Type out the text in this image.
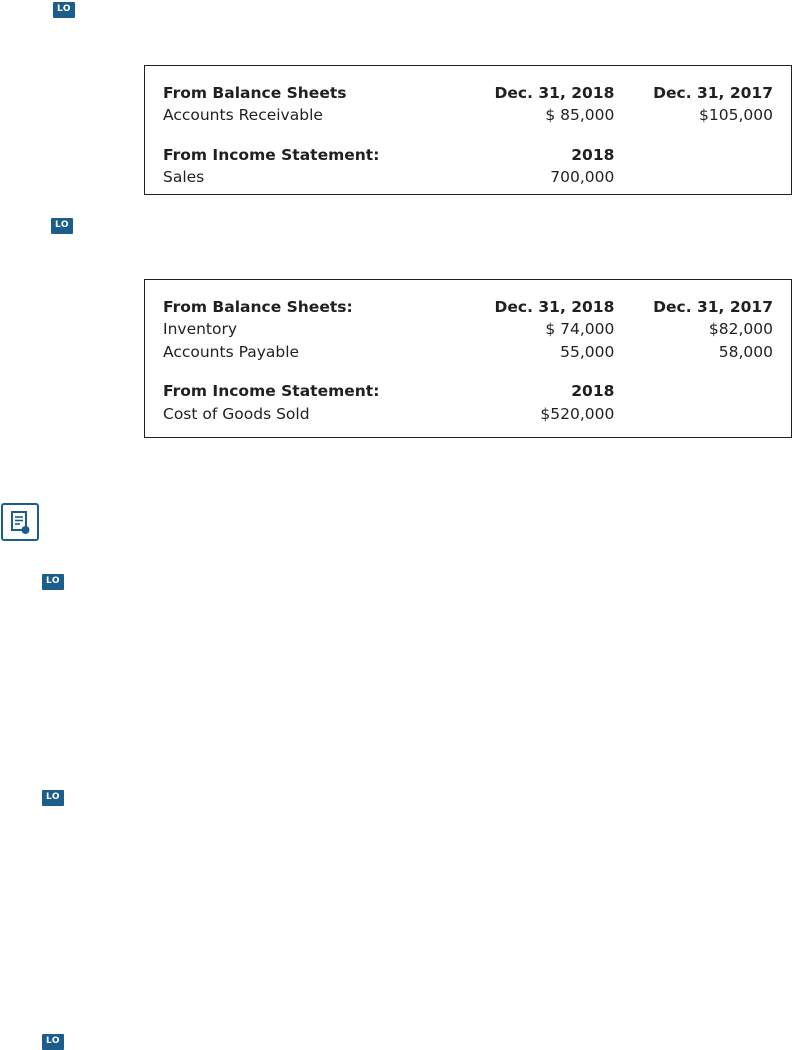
LO
LO
LO
LO
LO
From Balance Sheets	Dec. 31, 2018	Dec. 31, 2017
Accounts Receivable	$ 85,000	$105,000

From Income Statement:	2018	
Sales	700,000	
From Balance Sheets:	Dec. 31, 2018	Dec. 31, 2017
Inventory	$ 74,000	$82,000
Accounts Payable	55,000	58,000

From Income Statement:	2018	
Cost of Goods Sold	$520,000	
